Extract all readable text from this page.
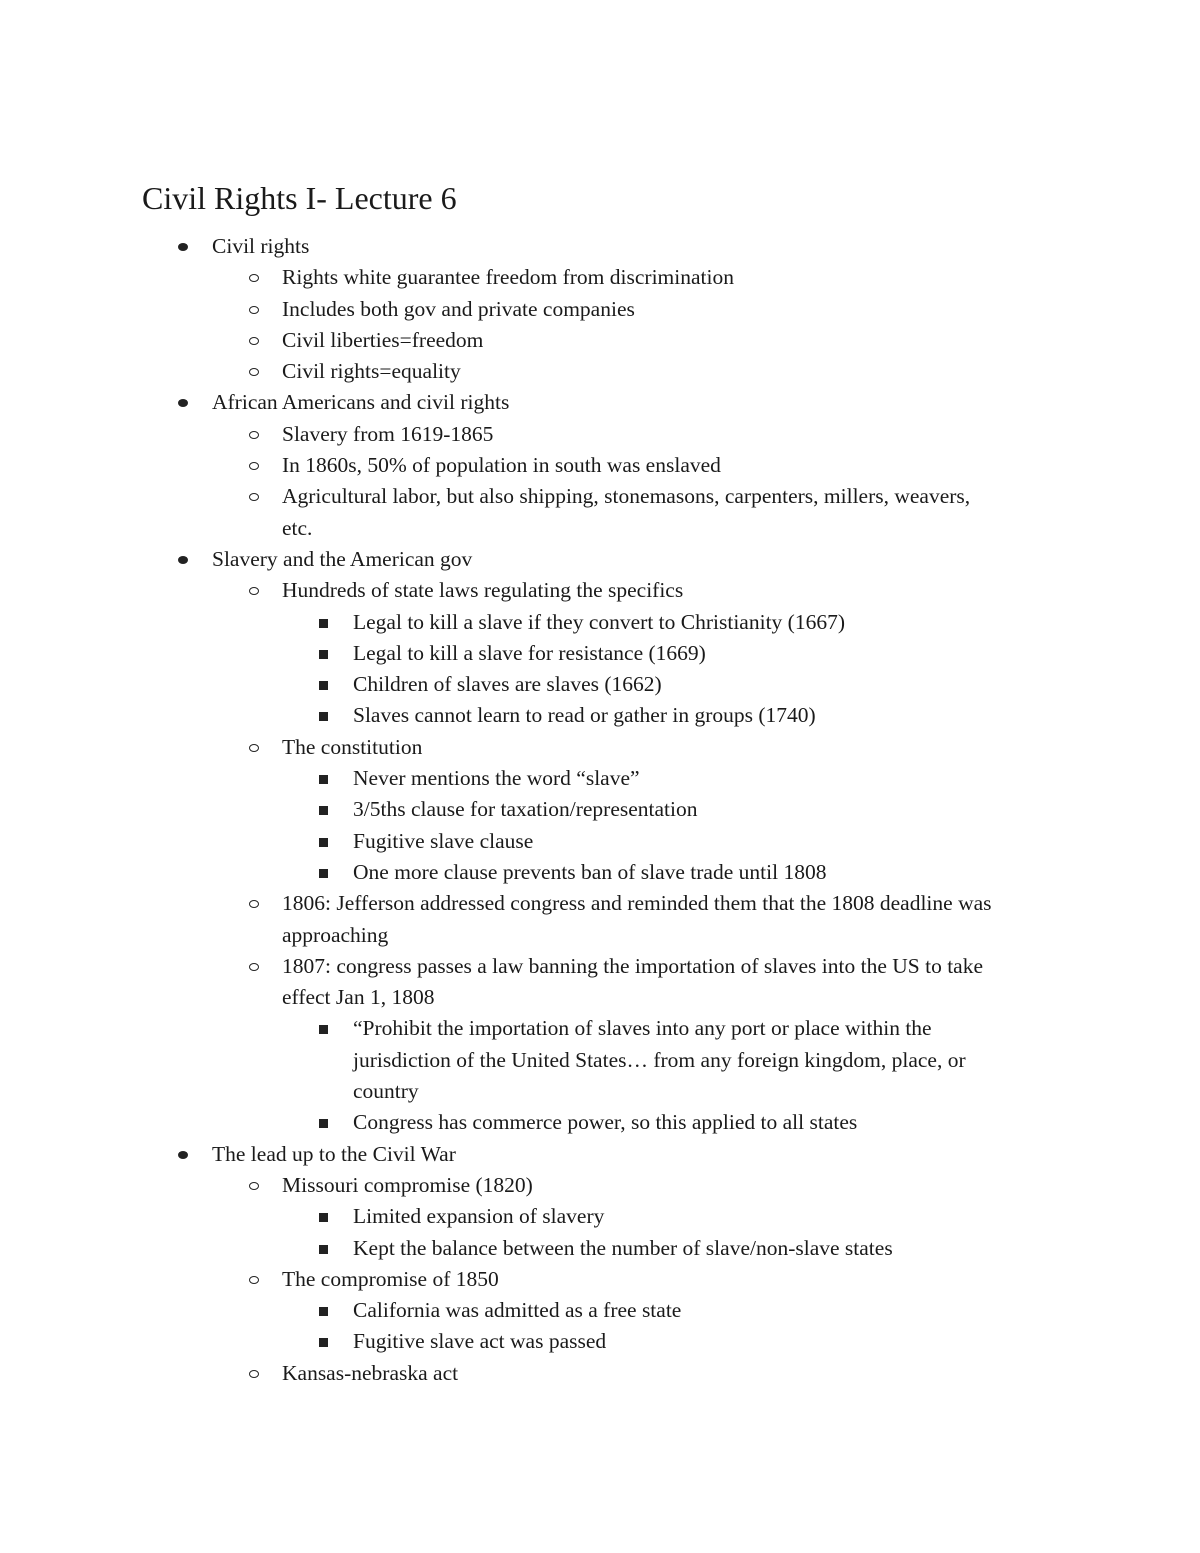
Civil Rights I- Lecture 6
Civil rights
Rights white guarantee freedom from discrimination
Includes both gov and private companies
Civil liberties=freedom
Civil rights=equality
African Americans and civil rights
Slavery from 1619-1865
In 1860s, 50% of population in south was enslaved
Agricultural labor, but also shipping, stonemasons, carpenters, millers, weavers,
etc.
Slavery and the American gov
Hundreds of state laws regulating the specifics
Legal to kill a slave if they convert to Christianity (1667)
Legal to kill a slave for resistance (1669)
Children of slaves are slaves (1662)
Slaves cannot learn to read or gather in groups (1740)
The constitution
Never mentions the word “slave”
3/5ths clause for taxation/representation
Fugitive slave clause
One more clause prevents ban of slave trade until 1808
1806: Jefferson addressed congress and reminded them that the 1808 deadline was
approaching
1807: congress passes a law banning the importation of slaves into the US to take
effect Jan 1, 1808
“Prohibit the importation of slaves into any port or place within the
jurisdiction of the United States… from any foreign kingdom, place, or
country
Congress has commerce power, so this applied to all states
The lead up to the Civil War
Missouri compromise (1820)
Limited expansion of slavery
Kept the balance between the number of slave/non-slave states
The compromise of 1850
California was admitted as a free state
Fugitive slave act was passed
Kansas-nebraska act
